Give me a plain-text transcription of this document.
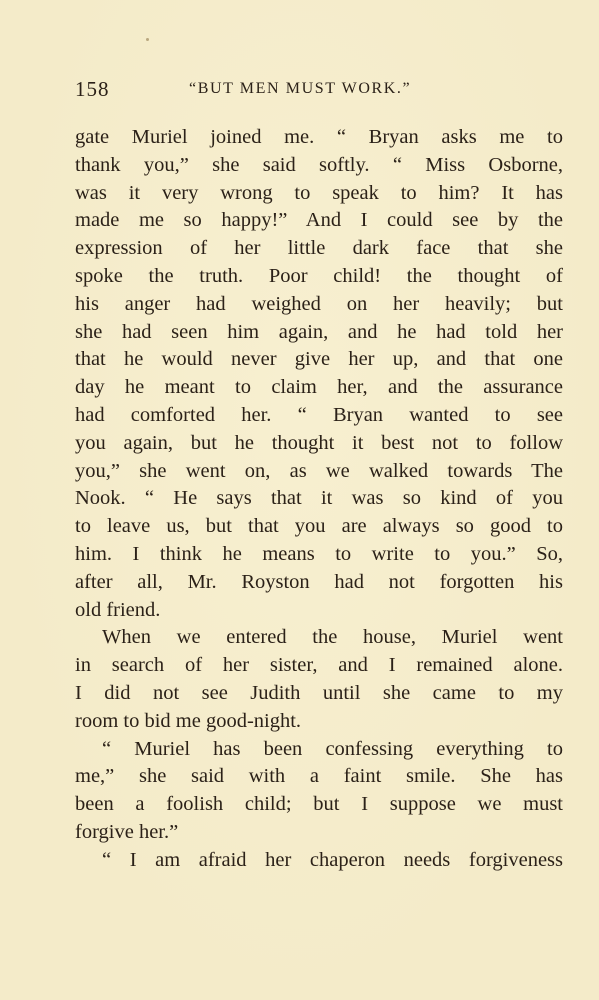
158	“BUT MEN MUST WORK.”
gate Muriel joined me. “ Bryan asks me to
thank you,” she said softly. “ Miss Osborne,
was it very wrong to speak to him? It has
made me so happy!” And I could see by the
expression of her little dark face that she
spoke the truth. Poor child! the thought of
his anger had weighed on her heavily; but
she had seen him again, and he had told her
that he would never give her up, and that one
day he meant to claim her, and the assurance
had comforted her. “ Bryan wanted to see
you again, but he thought it best not to follow
you,” she went on, as we walked towards The
Nook. “ He says that it was so kind of you
to leave us, but that you are always so good to
him. I think he means to write to you.” So,
after all, Mr. Royston had not forgotten his
old friend.
When we entered the house, Muriel went
in search of her sister, and I remained alone.
I did not see Judith until she came to my
room to bid me good-night.
“ Muriel has been confessing everything to
me,” she said with a faint smile. She has
been a foolish child; but I suppose we must
forgive her.”
“ I am afraid her chaperon needs forgiveness
